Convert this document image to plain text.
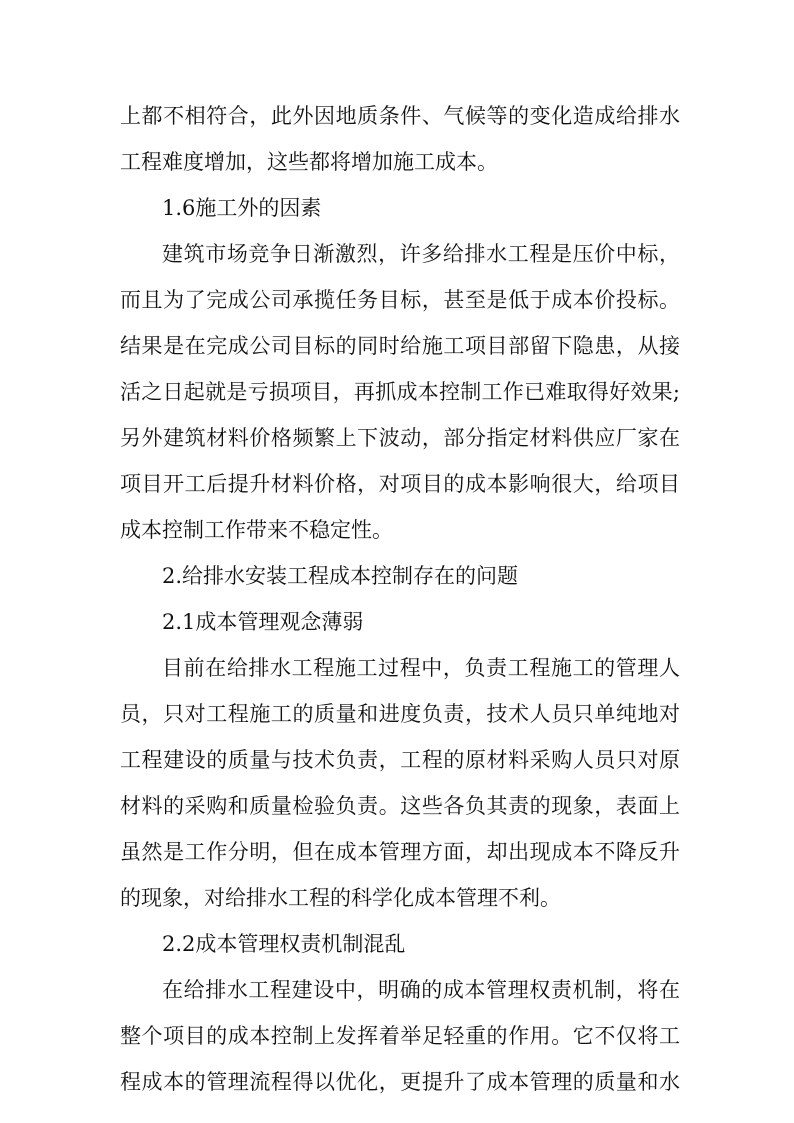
上都不相符合，此外因地质条件、气候等的变化造成给排水
工程难度增加，这些都将增加施工成本。
1.6施工外的因素
建筑市场竞争日渐激烈，许多给排水工程是压价中标，
而且为了完成公司承揽任务目标，甚至是低于成本价投标。
结果是在完成公司目标的同时给施工项目部留下隐患，从接
活之日起就是亏损项目，再抓成本控制工作已难取得好效果;
另外建筑材料价格频繁上下波动，部分指定材料供应厂家在
项目开工后提升材料价格，对项目的成本影响很大，给项目
成本控制工作带来不稳定性。
2.给排水安装工程成本控制存在的问题
2.1成本管理观念薄弱
目前在给排水工程施工过程中，负责工程施工的管理人
员，只对工程施工的质量和进度负责，技术人员只单纯地对
工程建设的质量与技术负责，工程的原材料采购人员只对原
材料的采购和质量检验负责。这些各负其责的现象，表面上
虽然是工作分明，但在成本管理方面，却出现成本不降反升
的现象，对给排水工程的科学化成本管理不利。
2.2成本管理权责机制混乱
在给排水工程建设中，明确的成本管理权责机制，将在
整个项目的成本控制上发挥着举足轻重的作用。它不仅将工
程成本的管理流程得以优化，更提升了成本管理的质量和水
